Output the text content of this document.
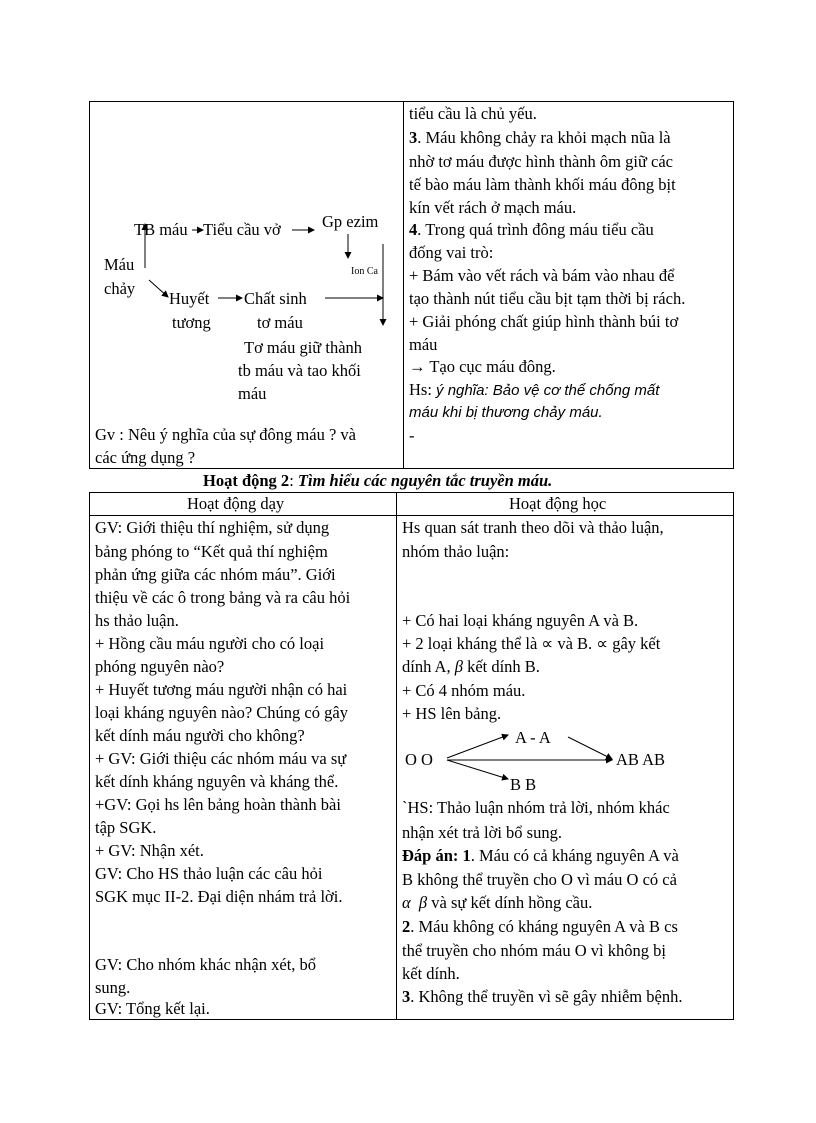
TB máu Tiểu cầu vở Gp ezim
Ion Ca
Máu
chảy
Huyết
tương
Chất sinh
tơ máu
Tơ máu giữ thành
tb máu và tao khối
máu
Gv : Nêu ý nghĩa của sự đông máu ? và
các ứng dụng ?
tiểu cầu là chủ yếu.
3. Máu không chảy ra khỏi mạch nũa là
nhờ tơ máu được hình thành ôm giữ các
tế bào máu làm thành khối máu đông bịt
kín vết rách ở mạch máu.
4. Trong quá trình đông máu tiểu cầu
đống vai trò:
+ Bám vào vết rách và bám vào nhau để
tạo thành nút tiểu cầu bịt tạm thời bị rách.
+ Giải phóng chất giúp hình thành búi tơ
máu
→ Tạo cục máu đông.
Hs: ý nghĩa: Bảo vệ cơ thể chống mất
máu khi bị thương chảy máu.
-
Hoạt động 2: Tìm hiểu các nguyên tắc truyền máu.
Hoạt động dạy	Hoạt động học
GV: Giới thiệu thí nghiệm, sử dụng
bảng phóng to “Kết quả thí nghiệm
phản ứng giữa các nhóm máu”. Giới
thiệu về các ô trong bảng và ra câu hỏi
hs thảo luận.
+ Hồng cầu máu người cho có loại
phóng nguyên nào?
+ Huyết tương máu người nhận có hai
loại kháng nguyên nào? Chúng có gây
kết dính máu người cho không?
+ GV: Giới thiệu các nhóm máu va sự
kết dính kháng nguyên và kháng thể.
+GV: Gọi hs lên bảng hoàn thành bài
tập SGK.
+ GV: Nhận xét.
GV: Cho HS thảo luận các câu hỏi
SGK mục II-2. Đại diện nhám trả lời.
GV: Cho nhóm khác nhận xét, bổ
sung.
GV: Tổng kết lại.
Hs quan sát tranh theo dõi và thảo luận,
nhóm thảo luận:
+ Có hai loại kháng nguyên A và B.
+ 2 loại kháng thể là ∝ và B. ∝ gây kết
dính A, β kết dính B.
+ Có 4 nhóm máu.
+ HS lên bảng.
O O
A - A
AB AB
B B
`HS: Thảo luận nhóm trả lời, nhóm khác
nhận xét trả lời bổ sung.
Đáp án: 1. Máu có cả kháng nguyên A và
B không thể truyền cho O vì máu O có cả
α β và sự kết dính hồng cầu.
2. Máu không có kháng nguyên A và B cs
thể truyền cho nhóm máu O vì không bị
kết dính.
3. Không thể truyền vì sẽ gây nhiễm bệnh.
